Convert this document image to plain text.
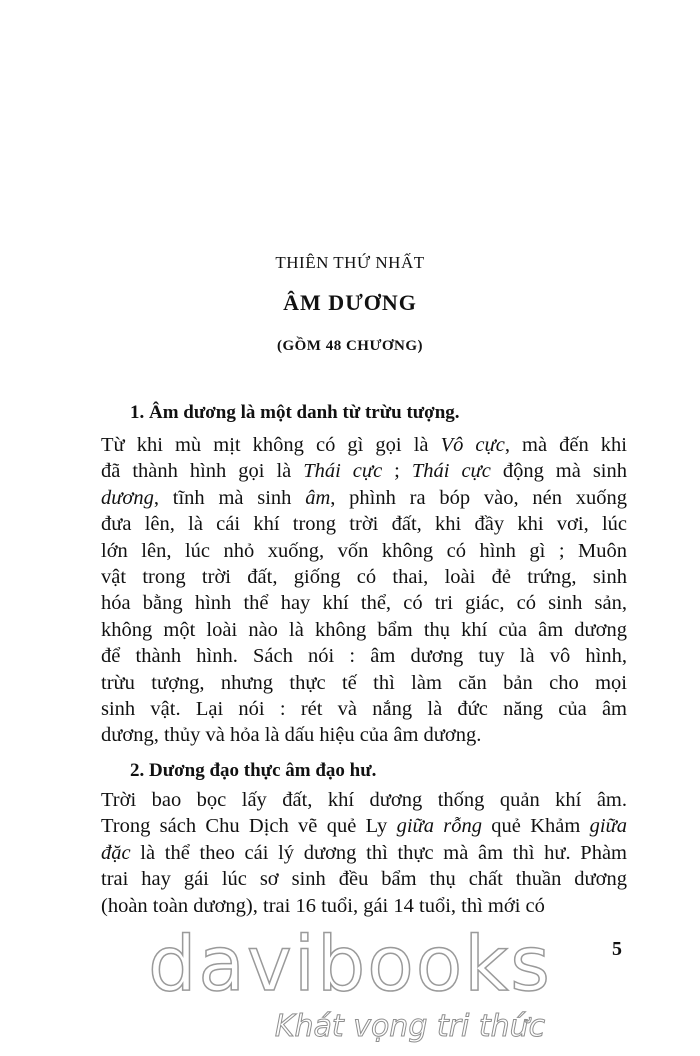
THIÊN THỨ NHẤT
ÂM DƯƠNG
(GỒM 48 CHƯƠNG)
1. Âm dương là một danh từ trừu tượng.
Từ khi mù mịt không có gì gọi là Vô cực, mà đến khi
đã thành hình gọi là Thái cực ; Thái cực động mà sinh
dương, tĩnh mà sinh âm, phình ra bóp vào, nén xuống
đưa lên, là cái khí trong trời đất, khi đầy khi vơi, lúc
lớn lên, lúc nhỏ xuống, vốn không có hình gì ; Muôn
vật trong trời đất, giống có thai, loài đẻ trứng, sinh
hóa bằng hình thể hay khí thể, có tri giác, có sinh sản,
không một loài nào là không bẩm thụ khí của âm dương
để thành hình. Sách nói : âm dương tuy là vô hình,
trừu tượng, nhưng thực tế thì làm căn bản cho mọi
sinh vật. Lại nói : rét và nắng là đức năng của âm
dương, thủy và hỏa là dấu hiệu của âm dương.
2. Dương đạo thực âm đạo hư.
Trời bao bọc lấy đất, khí dương thống quản khí âm.
Trong sách Chu Dịch vẽ quẻ Ly giữa rỗng quẻ Khảm giữa
đặc là thể theo cái lý dương thì thực mà âm thì hư. Phàm
trai hay gái lúc sơ sinh đều bẩm thụ chất thuần dương
(hoàn toàn dương), trai 16 tuổi, gái 14 tuổi, thì mới có
5
davibooks
Khát vọng tri thức
